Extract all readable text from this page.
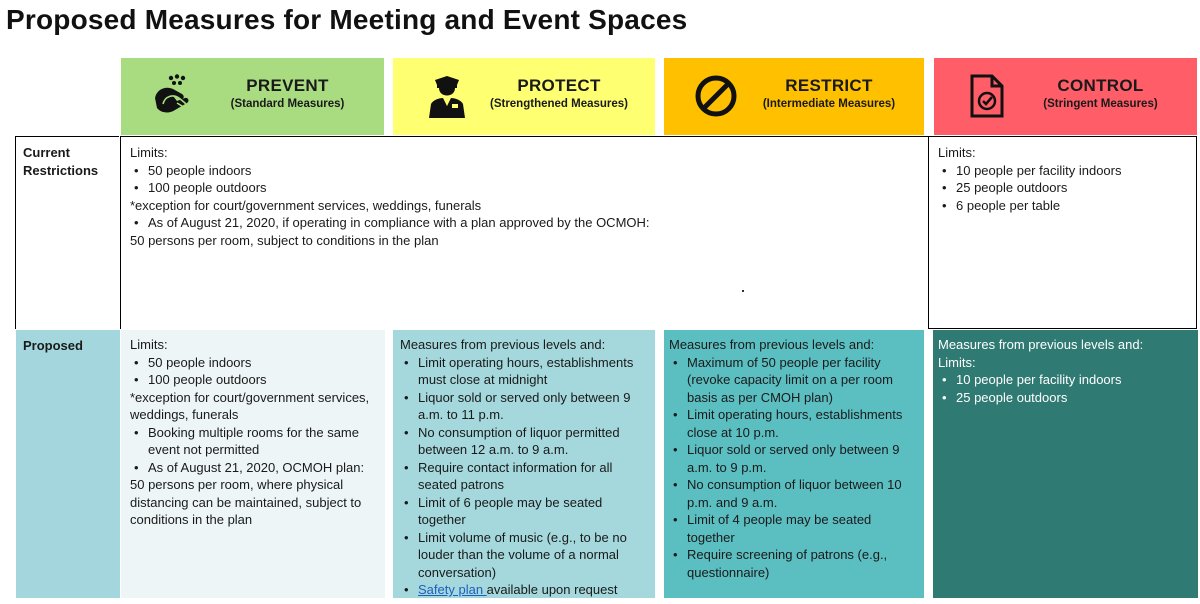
Proposed Measures for Meeting and Event Spaces
PREVENT
(Standard Measures)
PROTECT
(Strengthened Measures)
RESTRICT
(Intermediate Measures)
CONTROL
(Stringent Measures)
Current Restrictions

Limits:

• 50 people indoors
• 100 people outdoors

*exception for court/government services, weddings, funerals

• As of August 21, 2020, if operating in compliance with a plan approved by the OCMOH:

50 persons per room, subject to conditions in the plan

Limits:

• 10 people per facility indoors
• 25 people outdoors
• 6 people per table
Proposed	Limits:

• 50 people indoors
• 100 people outdoors

*exception for court/government services, weddings, funerals

• Booking multiple rooms for the same event not permitted
• As of August 21, 2020, OCMOH plan:

50 persons per room, where physical distancing can be maintained, subject to conditions in the plan

Measures from previous levels and:

• Limit operating hours, establishments must close at midnight
• Liquor sold or served only between 9 a.m. to 11 p.m.
• No consumption of liquor permitted between 12 a.m. to 9 a.m.
• Require contact information for all seated patrons
• Limit of 6 people may be seated together
• Limit volume of music (e.g., to be no louder than the volume of a normal conversation)
• Safety plan available upon request

Measures from previous levels and:

• Maximum of 50 people per facility (revoke capacity limit on a per room basis as per CMOH plan)
• Limit operating hours, establishments close at 10 p.m.
• Liquor sold or served only between 9 a.m. to 9 p.m.
• No consumption of liquor between 10 p.m. and 9 a.m.
• Limit of 4 people may be seated together
• Require screening of patrons (e.g., questionnaire)

Measures from previous levels and:

Limits:

• 10 people per facility indoors
• 25 people outdoors
